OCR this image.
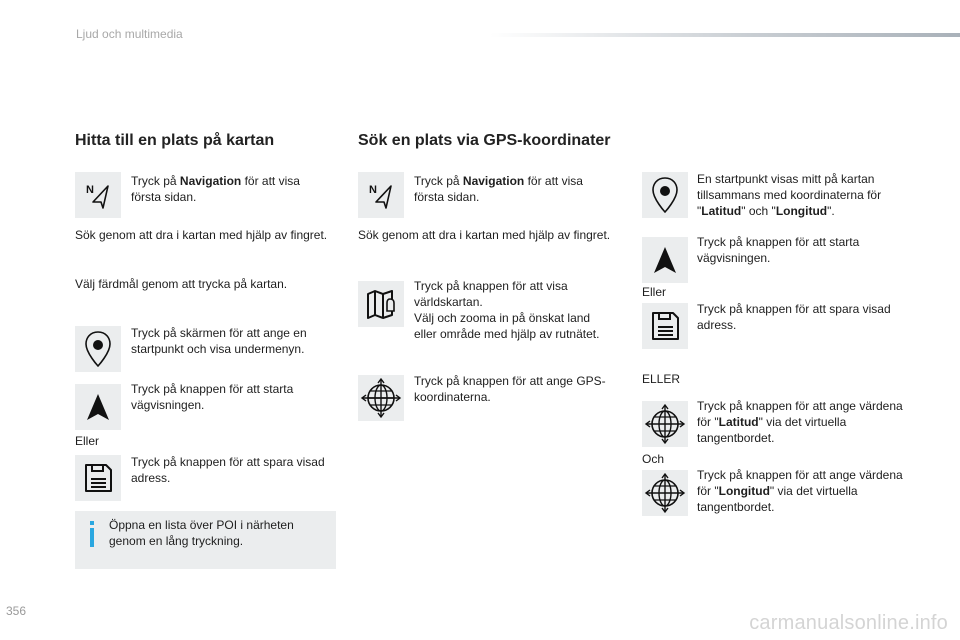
Ljud och multimedia
Hitta till en plats på kartan
N
Tryck på Navigation för att visa första sidan.
Sök genom att dra i kartan med hjälp av fingret.
Välj färdmål genom att trycka på kartan.
Tryck på skärmen för att ange en startpunkt och visa undermenyn.
Tryck på knappen för att starta vägvisningen.
Eller
Tryck på knappen för att spara visad adress.
Öppna en lista över POI i närheten genom en lång tryckning.
Sök en plats via GPS-koordinater
N
Tryck på Navigation för att visa första sidan.
Sök genom att dra i kartan med hjälp av fingret.
Tryck på knappen för att visa världskartan.
Välj och zooma in på önskat land eller område med hjälp av rutnätet.
Tryck på knappen för att ange GPS-koordinaterna.
En startpunkt visas mitt på kartan tillsammans med koordinaterna för "Latitud" och "Longitud".
Tryck på knappen för att starta vägvisningen.
Eller
Tryck på knappen för att spara visad adress.
ELLER
Tryck på knappen för att ange värdena för "Latitud" via det virtuella tangentbordet.
Och
Tryck på knappen för att ange värdena för "Longitud" via det virtuella tangentbordet.
356
carmanualsonline.info
